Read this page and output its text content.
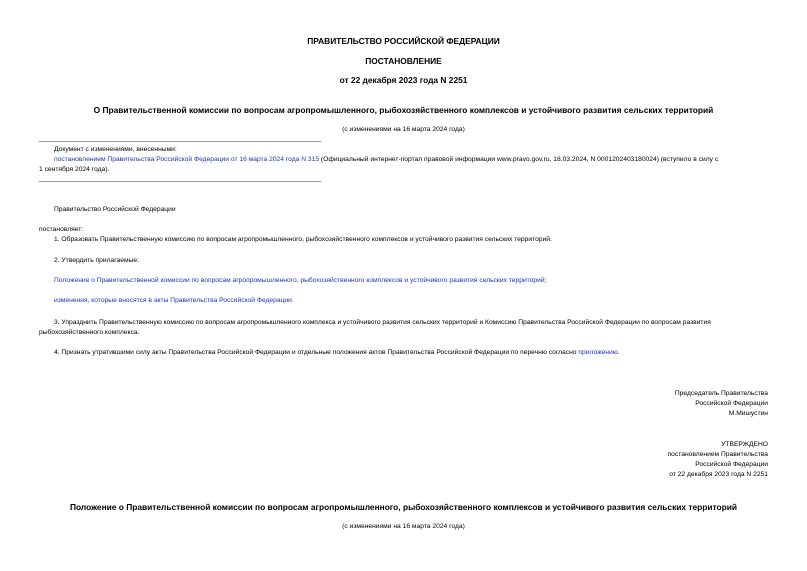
ПРАВИТЕЛЬСТВО РОССИЙСКОЙ ФЕДЕРАЦИИ
ПОСТАНОВЛЕНИЕ
от 22 декабря 2023 года N 2251
О Правительственной комиссии по вопросам агропромышленного, рыбохозяйственного комплексов и устойчивого развития сельских территорий
(с изменениями на 16 марта 2024 года)
Документ с изменениями, внесенными:
постановлением Правительства Российской Федерации от 16 марта 2024 года N 315 (Официальный интернет-портал правовой информации www.pravo.gov.ru, 18.03.2024, N 0001202403180024) (вступило в силу с
1 сентября 2024 года).
Правительство Российской Федерации
постановляет:
1. Образовать Правительственную комиссию по вопросам агропромышленного, рыбохозяйственного комплексов и устойчивого развития сельских территорий.
2. Утвердить прилагаемые:
Положение о Правительственной комиссии по вопросам агропромышленного, рыбохозяйственного комплексов и устойчивого развития сельских территорий;
изменения, которые вносятся в акты Правительства Российской Федерации.
3. Упразднить Правительственную комиссию по вопросам агропромышленного комплекса и устойчивого развития сельских территорий и Комиссию Правительства Российской Федерации по вопросам развития
рыбохозяйственного комплекса.
4. Признать утратившими силу акты Правительства Российской Федерации и отдельные положения актов Правительства Российской Федерации по перечню согласно приложению.
Председатель Правительства
Российской Федерации
М.Мишустин
УТВЕРЖДЕНО
постановлением Правительства
Российской Федерации
от 22 декабря 2023 года N 2251
Положение о Правительственной комиссии по вопросам агропромышленного, рыбохозяйственного комплексов и устойчивого развития сельских территорий
(с изменениями на 16 марта 2024 года)
